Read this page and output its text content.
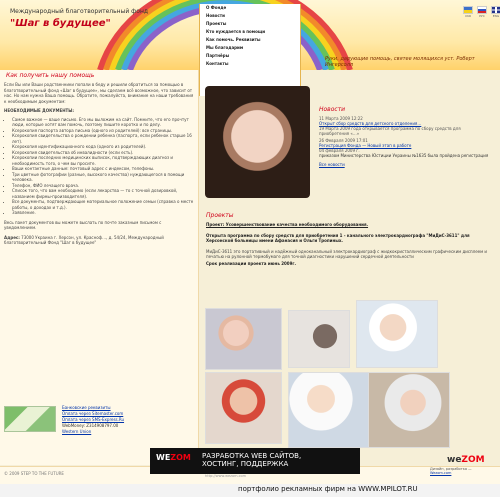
Международный благотворительный фонд
"Шаг в будущее"
О Фонде
Новости
Проекты
Кто нуждается в помощи
Как помочь. Реквизиты
Мы благодарим
Партнёры
Контакты
UKR	РУС	ENG
Руки, дарующие помощь, святее молящихся уст. Роберт Ингерсолл
Как получить нашу помощь

Если Вы или Ваши родственники попали в беду и решили обратиться за помощью в благотворительный фонд «Шаг в будущее», мы сделаем всё возможное, что зависит от нас. Но нам нужна Ваша помощь. Обратите, пожалуйста, внимание на наши требования к необходимым документам:

НЕОБХОДИМЫЕ ДОКУМЕНТЫ:

• Самое важное — ваше письмо. Его мы выложим на сайт. Помните, что его прочтут люди, которые хотят вам помочь, поэтому пишите коротко и по делу.
• Ксерокопия паспорта автора письма (одного из родителей): все страницы.
• Ксерокопия свидетельства о рождении ребенка (паспорта, если ребенок старше 16 лет).
• Ксерокопия идентификационного кода (одного из родителей).
• Ксерокопия свидетельства об инвалидности (если есть).
• Ксерокопии последних медицинских выписок, подтверждающих диагноз и необходимость того, о чем вы просите.
• Ваши контактные данные: почтовый адрес с индексом, телефоны.
• Три цветные фотографии (разные, высокого качества) нуждающегося в помощи человека.
• Телефон, ФИО лечащего врача.
• Список того, что вам необходимо (если лекарства — то с точной дозировкой, названием фирмы-производителя).
• Все документы, подтверждающие материальное положение семьи (справка о месте работы, о доходах и т.д.).
• Заявление.

Весь пакет документов вы можете выслать по почте заказным письмом с уведомлением.

Адрес: 73000 Украина г. Херсон, ул. Красноф…, д. 54/24, Международный благотворительный Фонд "Шаг в будущее"

Банковские реквизиты
Оплата через Sitemaster.com
Оплата через SMS-Express.Ru
WebMoney: Z314908797.00
Western Union
Новости
11 Марта 2009 12:22
Открыт сбор средств для детского отделения…
19 Марта 2009 года открывается программа по сбору средств для приобретения «…»
26 Февраля 2009 17:01
Регистрация Фонда — Новый этап в работе
04 февраля 2009 г.
приказом Министерства Юстиции Украины №1635 была пройдена регистрация
Все новости
Проекты

Проект: Усовершенствование качества необходимого оборудования.

Открыта программа по сбору средств для приобретения 1 - канального электрокардиографа "МиДиС-3611" для Херсонской больницы имени Афанасия и Ольги Тропиных.

МиДиС-3611 это портативный и надёжный одноканальный электрокардиограф с жидкокристаллическим графическим дисплеем и печатью на рулонной термобумаге для точной диагностики нарушений сердечной деятельности

Срок реализации проекта июнь 2009г.

© 2009 STEP TO THE FUTURE
WEZOM РАЗРАБОТКА WEB САЙТОВ,
ХОСТИНГ, ПОДДЕРЖКА
http://www.wezom.com
weZOM
Дизайн, разработка —
Wezom.com
портфолио рекламных фирм на WWW.MPILOT.RU
